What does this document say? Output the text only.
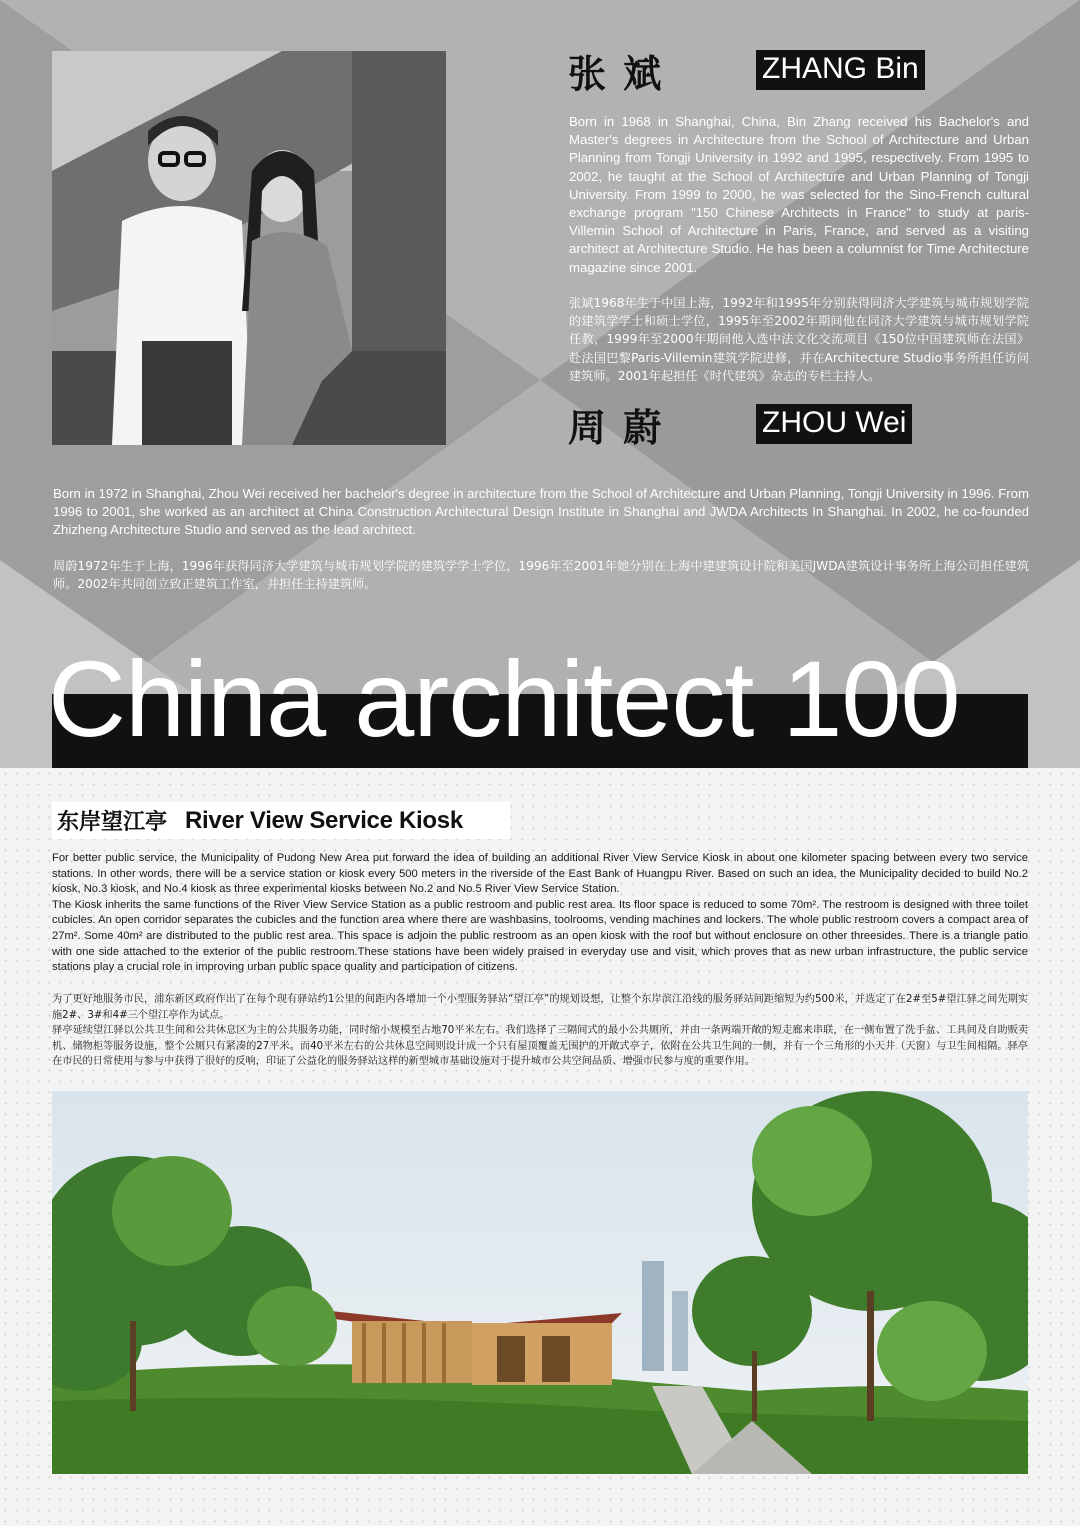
张 斌	ZHANG Bin

Born in 1968 in Shanghai, China, Bin Zhang received his Bachelor's and Master's degrees in Architecture from the School of Architecture and Urban Planning from Tongji University in 1992 and 1995, respectively. From 1995 to 2002, he taught at the School of Architecture and Urban Planning of Tongji University. From 1999 to 2000, he was selected for the Sino-French cultural exchange program "150 Chinese Architects in France" to study at paris-Villemin School of Architecture in Paris, France, and served as a visiting architect at Architecture Studio. He has been a columnist for Time Architecture magazine since 2001.

张斌1968年生于中国上海，1992年和1995年分别获得同济大学建筑与城市规划学院的建筑学学士和硕士学位，1995年至2002年期间他在同济大学建筑与城市规划学院任教，1999年至2000年期间他入选中法文化交流项目《150位中国建筑师在法国》赴法国巴黎Paris-Villemin建筑学院进修，并在Architecture Studio事务所担任访问建筑师。2001年起担任《时代建筑》杂志的专栏主持人。

周 蔚	ZHOU Wei

Born in 1972 in Shanghai, Zhou Wei received her bachelor's degree in architecture from the School of Architecture and Urban Planning, Tongji University in 1996. From 1996 to 2001, she worked as an architect at China Construction Architectural Design Institute in Shanghai and JWDA Architects In Shanghai. In 2002, he co-founded Zhizheng Architecture Studio and served as the lead architect.

周蔚1972年生于上海，1996年获得同济大学建筑与城市规划学院的建筑学学士学位，1996年至2001年她分别在上海中建建筑设计院和美国JWDA建筑设计事务所上海公司担任建筑师。2002年共同创立致正建筑工作室，并担任主持建筑师。

China architect 100
东岸望江亭 River View Service Kiosk

For better public service, the Municipality of Pudong New Area put forward the idea of building an additional River View Service Kiosk in about one kilometer spacing between every two service stations. In other words, there will be a service station or kiosk every 500 meters in the riverside of the East Bank of Huangpu River. Based on such an idea, the Municipality decided to build No.2 kiosk, No.3 kiosk, and No.4 kiosk as three experimental kiosks between No.2 and No.5 River View Service Station.

The Kiosk inherits the same functions of the River View Service Station as a public restroom and public rest area. Its floor space is reduced to some 70m². The restroom is designed with three toilet cubicles. An open corridor separates the cubicles and the function area where there are washbasins, toolrooms, vending machines and lockers. The whole public restroom covers a compact area of 27m². Some 40m² are distributed to the public rest area. This space is adjoin the public restroom as an open kiosk with the roof but without enclosure on other threesides. There is a triangle patio with one side attached to the exterior of the public restroom.These stations have been widely praised in everyday use and visit, which proves that as new urban infrastructure, the public service stations play a crucial role in improving urban public space quality and participation of citizens.

为了更好地服务市民，浦东新区政府作出了在每个现有驿站约1公里的间距内各增加一个小型服务驿站“望江亭”的规划设想，让整个东岸滨江沿线的服务驿站间距缩短为约500米，并选定了在2#至5#望江驿之间先期实施2#、3#和4#三个望江亭作为试点。

驿亭延续望江驿以公共卫生间和公共休息区为主的公共服务功能，同时缩小规模至占地70平米左右。我们选择了三隔间式的最小公共厕所，并由一条两端开敞的短走廊来串联，在一侧布置了洗手盆、工具间及自助贩卖机、储物柜等服务设施，整个公厕只有紧凑的27平米。而40平米左右的公共休息空间则设计成一个只有屋顶覆盖无围护的开敞式亭子，依附在公共卫生间的一侧，并有一个三角形的小天井（天窗）与卫生间相隔。驿亭在市民的日常使用与参与中获得了很好的反响，印证了公益化的服务驿站这样的新型城市基础设施对于提升城市公共空间品质、增强市民参与度的重要作用。
